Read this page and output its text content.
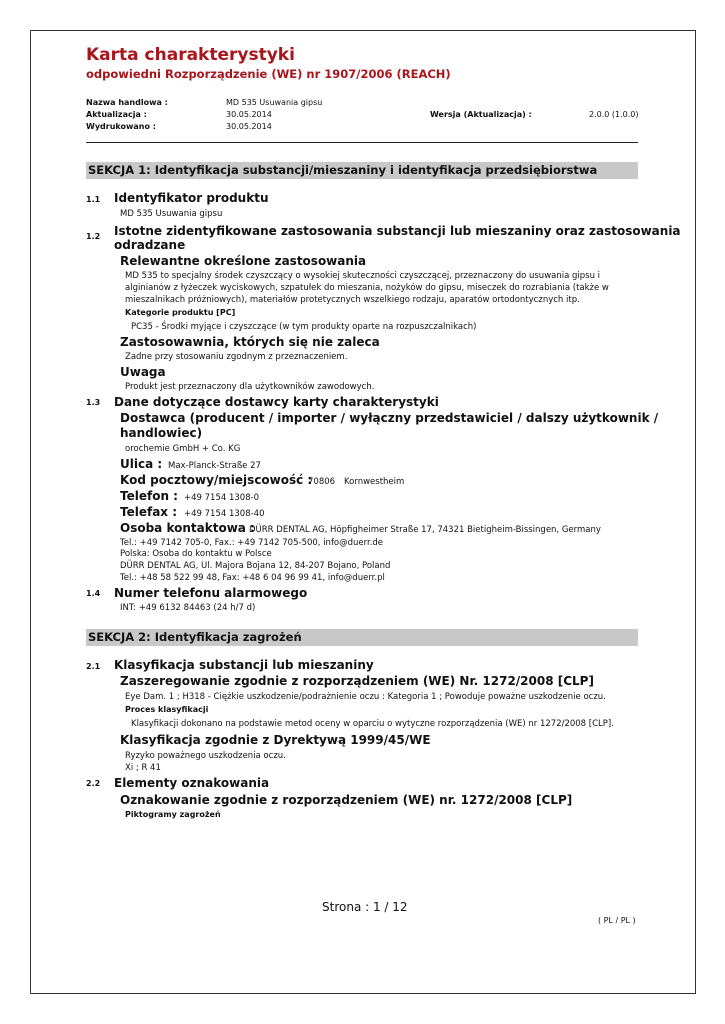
Karta charakterystyki
odpowiedni Rozporządzenie (WE) nr 1907/2006 (REACH)
Nazwa handlowa :	MD 535 Usuwania gipsu
Aktualizacja :	30.05.2014	Wersja (Aktualizacja) :	2.0.0 (1.0.0)
Wydrukowano :	30.05.2014
SEKCJA 1: Identyfikacja substancji/mieszaniny i identyfikacja przedsiębiorstwa
1.1 Identyfikator produktu
MD 535 Usuwania gipsu
1.2 Istotne zidentyfikowane zastosowania substancji lub mieszaniny oraz zastosowania
odradzane
Relewantne określone zastosowania
MD 535 to specjalny środek czyszczący o wysokiej skuteczności czyszczącej, przeznaczony do usuwania gipsu i
alginianów z łyżeczek wyciskowych, szpatułek do mieszania, nożyków do gipsu, miseczek do rozrabiania (także w
mieszalnikach próżniowych), materiałów protetycznych wszelkiego rodzaju, aparatów ortodontycznych itp.
Kategorie produktu [PC]
PC35 - Środki myjące i czyszczące (w tym produkty oparte na rozpuszczalnikach)
Zastosowawnia, których się nie zaleca
Zadne przy stosowaniu zgodnym z przeznaczeniem.
Uwaga
Produkt jest przeznaczony dla użytkowników zawodowych.
1.3 Dane dotyczące dostawcy karty charakterystyki
Dostawca (producent / importer / wyłączny przedstawiciel / dalszy użytkownik /
handlowiec)
orochemie GmbH + Co. KG
Ulica : Max-Planck-Straße 27
Kod pocztowy/miejscowość :
70806 Kornwestheim
Telefon : +49 7154 1308-0
Telefax : +49 7154 1308-40
Osoba kontaktowa :
DÜRR DENTAL AG, Höpfigheimer Straße 17, 74321 Bietigheim-Bissingen, Germany
Tel.: +49 7142 705-0, Fax.: +49 7142 705-500, info@duerr.de
Polska: Osoba do kontaktu w Polsce
DÜRR DENTAL AG, Ul. Majora Bojana 12, 84-207 Bojano, Poland
Tel.: +48 58 522 99 48, Fax: +48 6 04 96 99 41, info@duerr.pl
1.4 Numer telefonu alarmowego
INT: +49 6132 84463 (24 h/7 d)
SEKCJA 2: Identyfikacja zagrożeń
2.1 Klasyfikacja substancji lub mieszaniny
Zaszeregowanie zgodnie z rozporządzeniem (WE) Nr. 1272/2008 [CLP]
Eye Dam. 1 ; H318 - Ciężkie uszkodzenie/podrażnienie oczu : Kategoria 1 ; Powoduje poważne uszkodzenie oczu.
Proces klasyfikacji
Klasyfikacji dokonano na podstawie metod oceny w oparciu o wytyczne rozporządzenia (WE) nr 1272/2008 [CLP].
Klasyfikacja zgodnie z Dyrektywą 1999/45/WE
Ryzyko poważnego uszkodzenia oczu.
Xi ; R 41
2.2 Elementy oznakowania
Oznakowanie zgodnie z rozporządzeniem (WE) nr. 1272/2008 [CLP]
Piktogramy zagrożeń
Strona : 1 / 12
( PL / PL )
